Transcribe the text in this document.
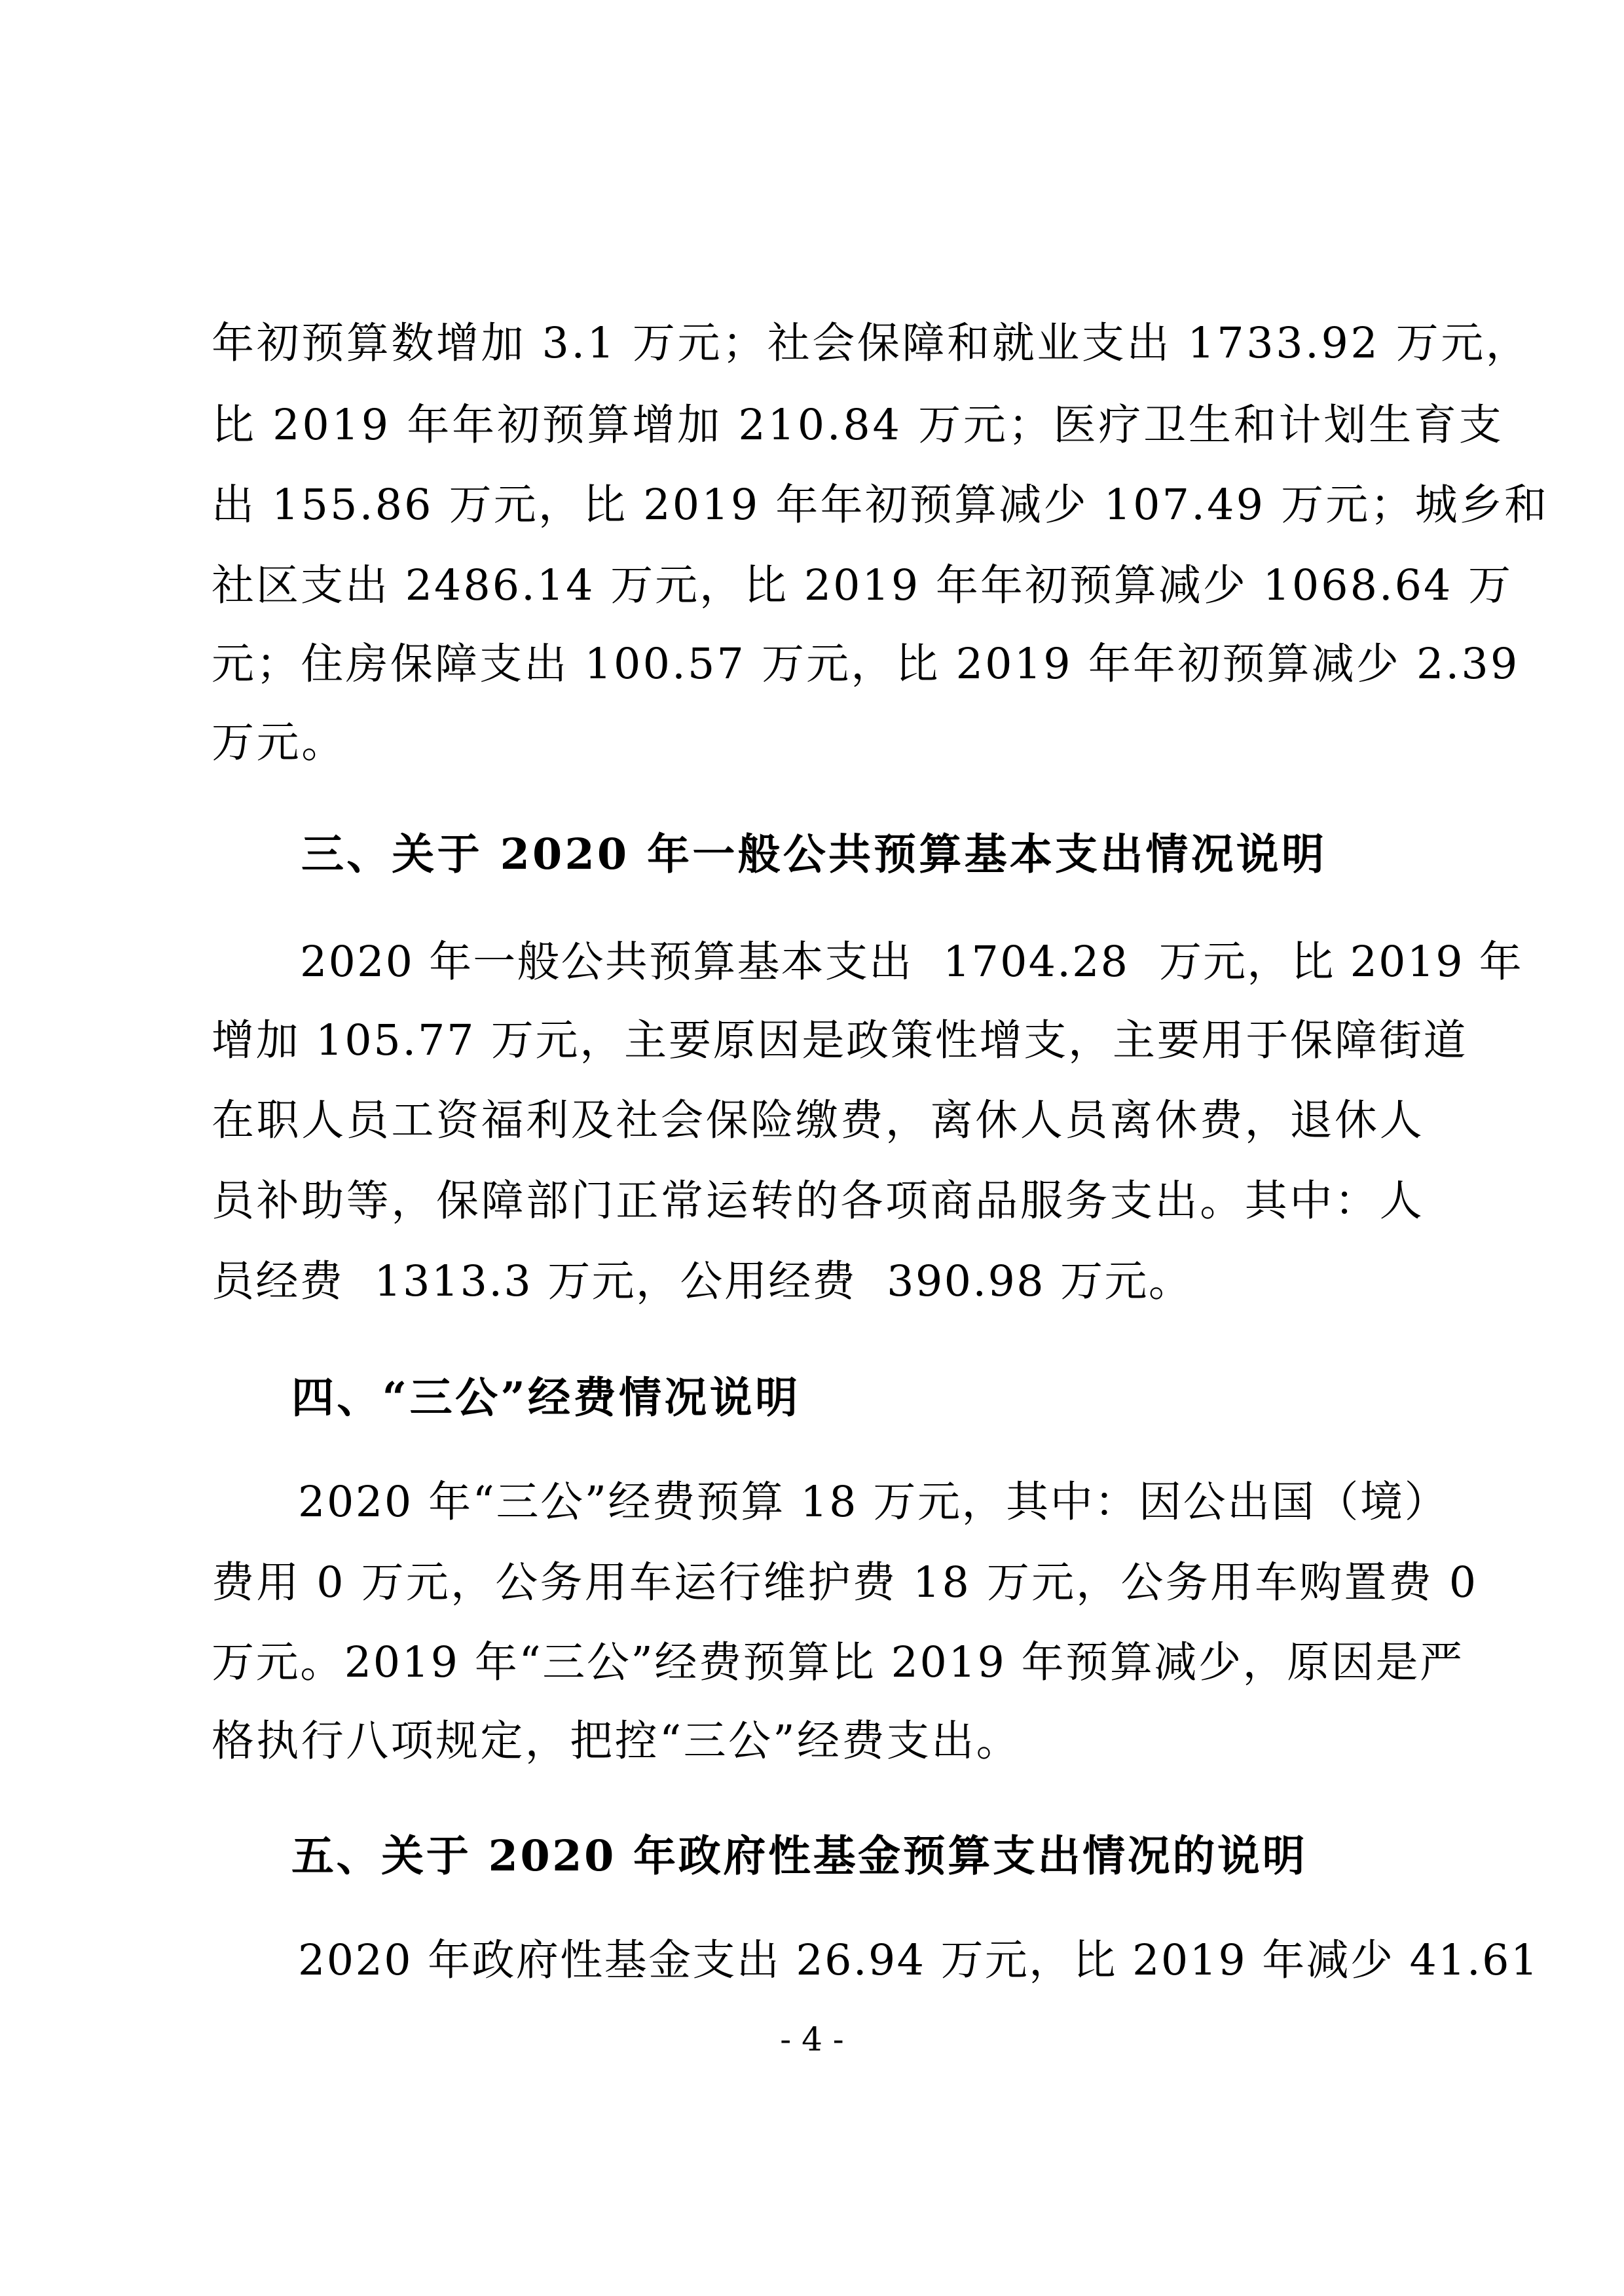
年初预算数增加 3.1 万元；社会保障和就业支出 1733.92 万元，
比 2019 年年初预算增加 210.84 万元；医疗卫生和计划生育支
出 155.86 万元，比 2019 年年初预算减少 107.49 万元；城乡和
社区支出 2486.14 万元，比 2019 年年初预算减少 1068.64 万
元；住房保障支出 100.57 万元，比 2019 年年初预算减少 2.39
万元。
三、关于 2020 年一般公共预算基本支出情况说明
2020 年一般公共预算基本支出  1704.28  万元，比 2019 年
增加 105.77 万元，主要原因是政策性增支，主要用于保障街道
在职人员工资福利及社会保险缴费，离休人员离休费，退休人
员补助等，保障部门正常运转的各项商品服务支出。其中：人
员经费  1313.3 万元，公用经费  390.98 万元。
四、“三公”经费情况说明
2020 年“三公”经费预算 18 万元，其中：因公出国（境）
费用 0 万元，公务用车运行维护费 18 万元，公务用车购置费 0
万元。2019 年“三公”经费预算比 2019 年预算减少，原因是严
格执行八项规定，把控“三公”经费支出。
五、关于 2020 年政府性基金预算支出情况的说明
2020 年政府性基金支出 26.94 万元，比 2019 年减少 41.61
- 4 -
